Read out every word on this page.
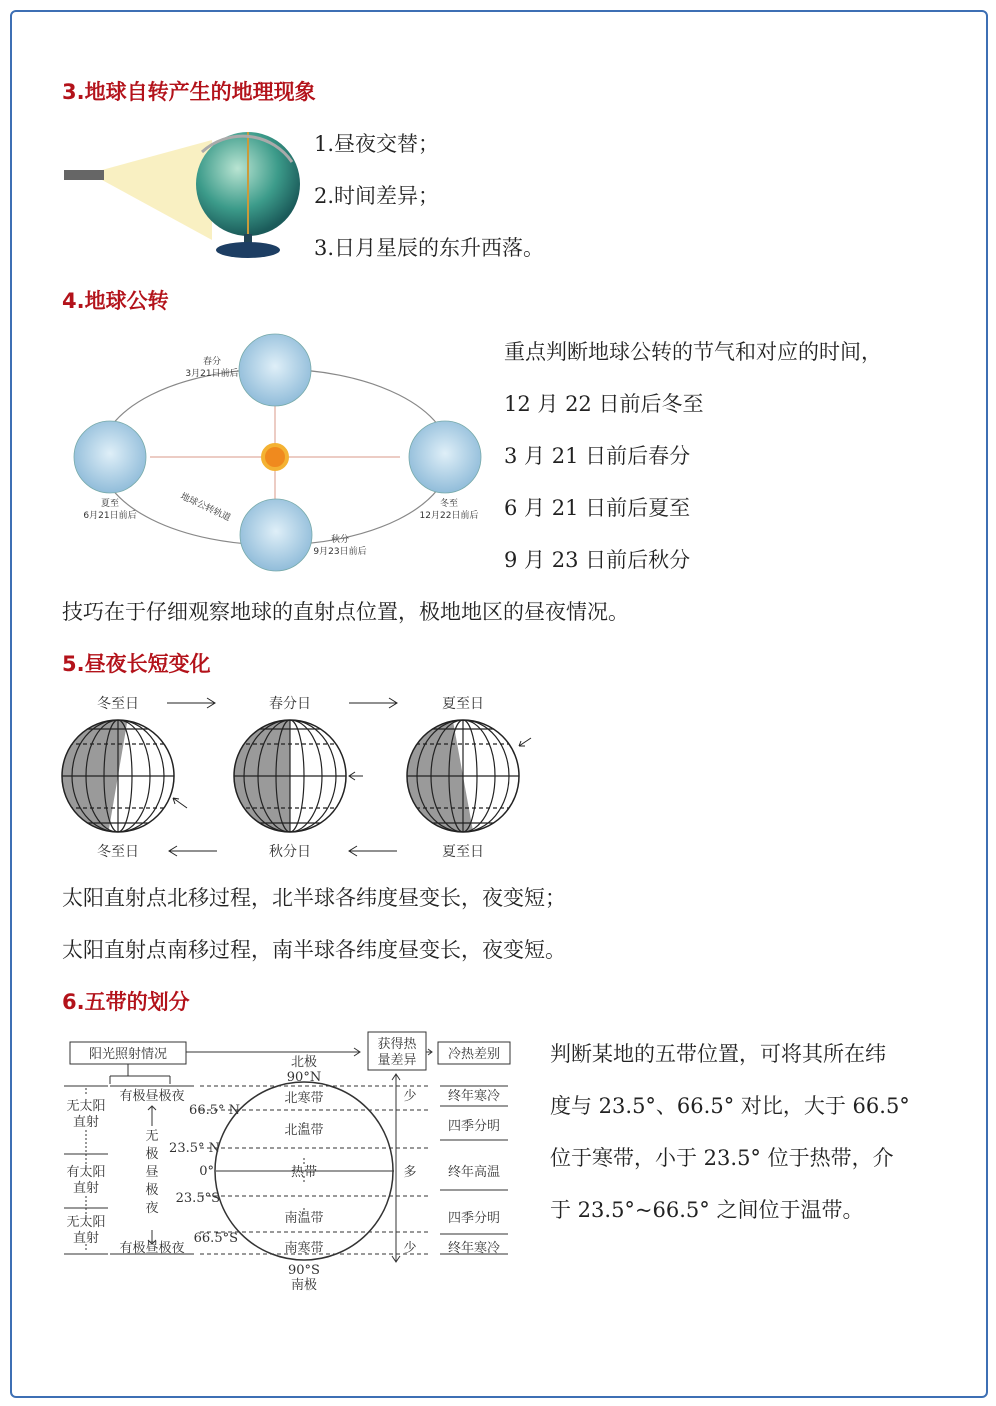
3.地球自转产生的地理现象
1.昼夜交替；
2.时间差异；
3.日月星辰的东升西落。
4.地球公转
春分
3月21日前后
夏至
6月21日前后
冬至
12月22日前后
秋分
9月23日前后
地球公转轨道
重点判断地球公转的节气和对应的时间，
12 月 22 日前后冬至
3 月 21 日前后春分
6 月 21 日前后夏至
9 月 23 日前后秋分
技巧在于仔细观察地球的直射点位置，极地地区的昼夜情况。
5.昼夜长短变化
冬至日	春分日	夏至日
冬至日	秋分日	夏至日
太阳直射点北移过程，北半球各纬度昼变长，夜变短；
太阳直射点南移过程，南半球各纬度昼变长，夜变短。
6.五带的划分
阳光照射情况
获得热
量差异 冷热差别
无太阳
直射
有太阳
直射
无太阳
直射
有极昼极夜
有极昼极夜
无
极
昼
极
夜
北极
90°N
90°S
南极
66.5° N
23.5° N
0°
23.5°S
66.5°S
北寒带
北温带
热带
南温带
南寒带
少
多
少
终年寒冷
四季分明
终年高温
四季分明
终年寒冷
判断某地的五带位置，可将其所在纬
度与 23.5°、66.5° 对比，大于 66.5°
位于寒带，小于 23.5° 位于热带，介
于 23.5°~66.5° 之间位于温带。
